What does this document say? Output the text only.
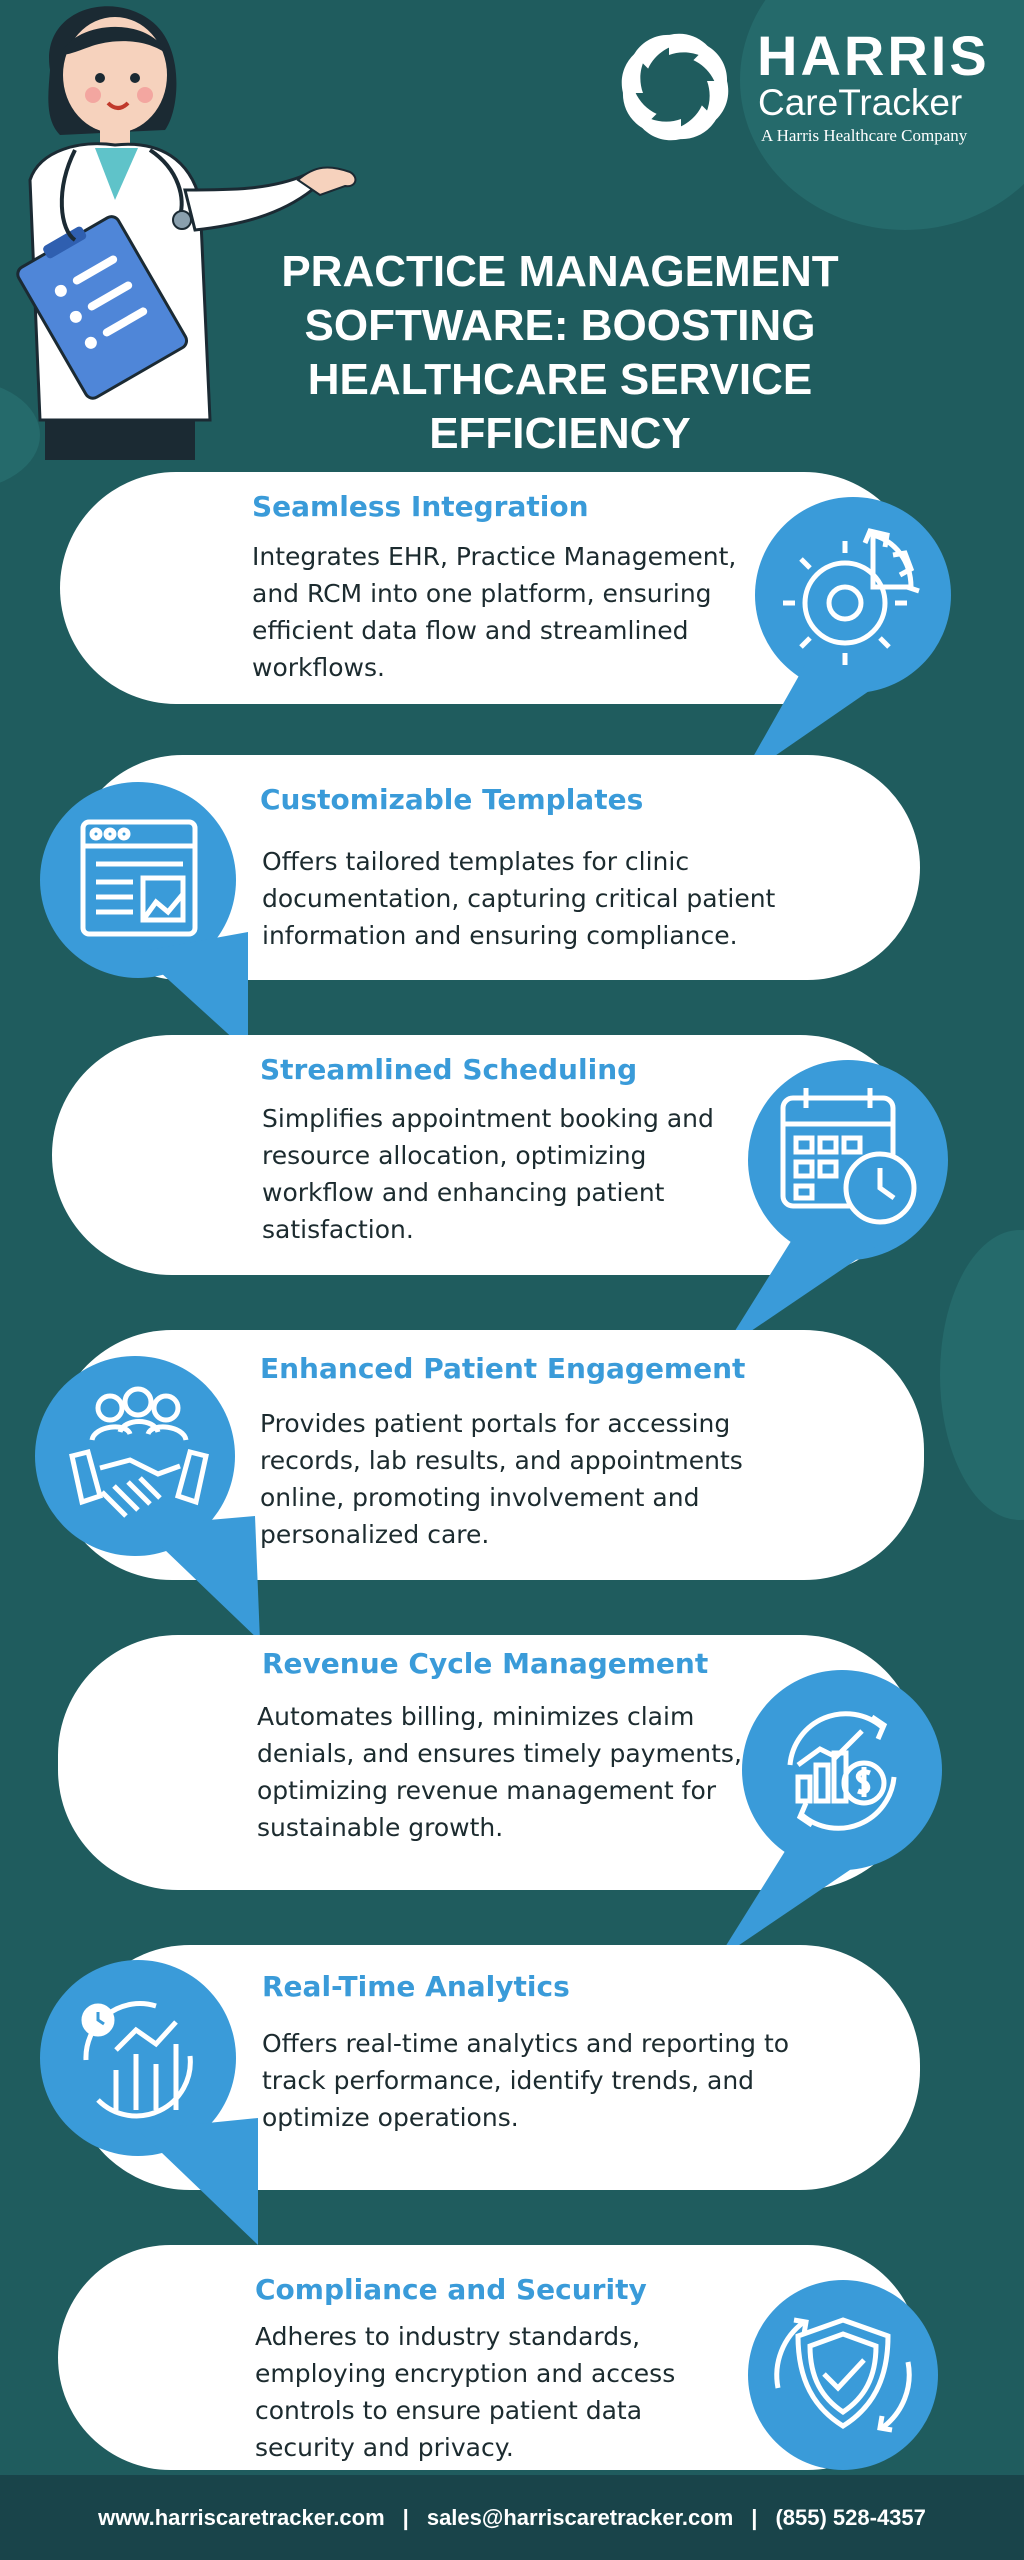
HARRIS
CareTracker
A Harris Healthcare Company
PRACTICE MANAGEMENT SOFTWARE: BOOSTING HEALTHCARE SERVICE EFFICIENCY
Seamless Integration
Integrates EHR, Practice Management, and RCM into one platform, ensuring efficient data flow and streamlined workflows.
Customizable Templates
Offers tailored templates for clinic documentation, capturing critical patient information and ensuring compliance.
Streamlined Scheduling
Simplifies appointment booking and resource allocation, optimizing workflow and enhancing patient satisfaction.
Enhanced Patient Engagement
Provides patient portals for accessing records, lab results, and appointments online, promoting involvement and personalized care.
Revenue Cycle Management
Automates billing, minimizes claim denials, and ensures timely payments, optimizing revenue management for sustainable growth.
Real-Time Analytics
Offers real-time analytics and reporting to track performance, identify trends, and optimize operations.
Compliance and Security
Adheres to industry standards, employing encryption and access controls to ensure patient data security and privacy.
www.harriscaretracker.com | sales@harriscaretracker.com | (855) 528-4357
